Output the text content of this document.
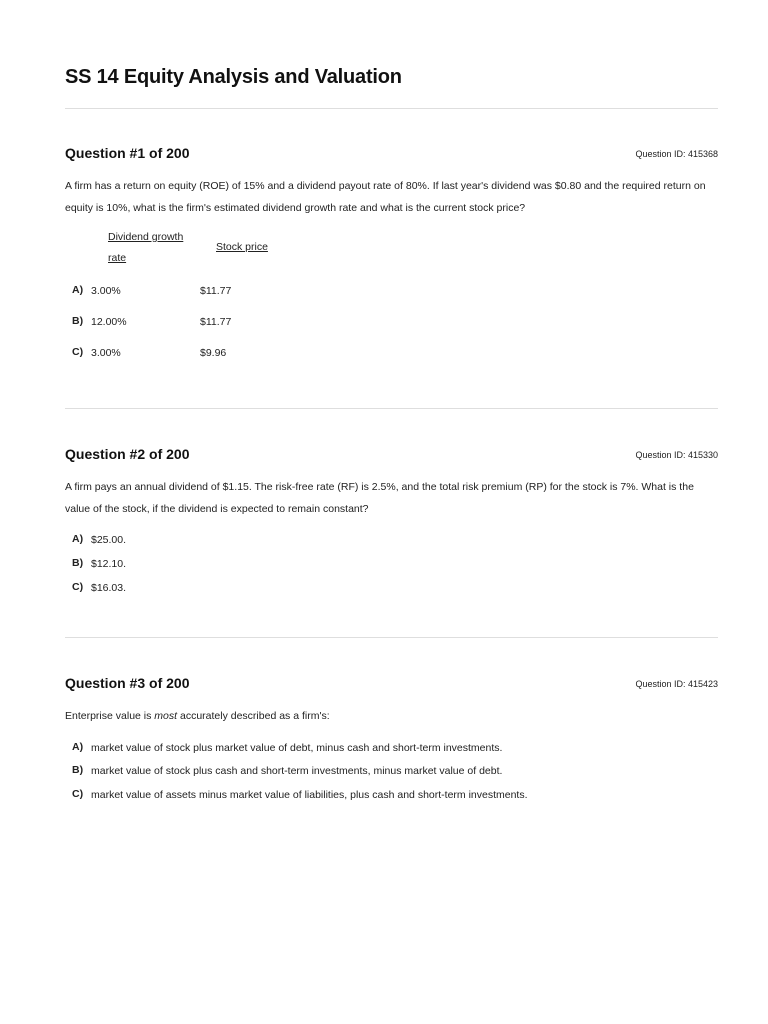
SS 14 Equity Analysis and Valuation
Question #1 of 200	Question ID: 415368

A firm has a return on equity (ROE) of 15% and a dividend payout rate of 80%. If last year's dividend was $0.80 and the required return on equity is 10%, what is the firm's estimated dividend growth rate and what is the current stock price?

Dividend growth
rate
Stock price
A) 3.00%	$11.77
B) 12.00%	$11.77
C) 3.00%	$9.96
Question #2 of 200	Question ID: 415330

A firm pays an annual dividend of $1.15. The risk-free rate (RF) is 2.5%, and the total risk premium (RP) for the stock is 7%. What is the value of the stock, if the dividend is expected to remain constant?

A) $25.00.
B) $12.10.
C) $16.03.
Question #3 of 200	Question ID: 415423

Enterprise value is most accurately described as a firm's:

A) market value of stock plus market value of debt, minus cash and short-term investments.
B) market value of stock plus cash and short-term investments, minus market value of debt.
C) market value of assets minus market value of liabilities, plus cash and short-term investments.
